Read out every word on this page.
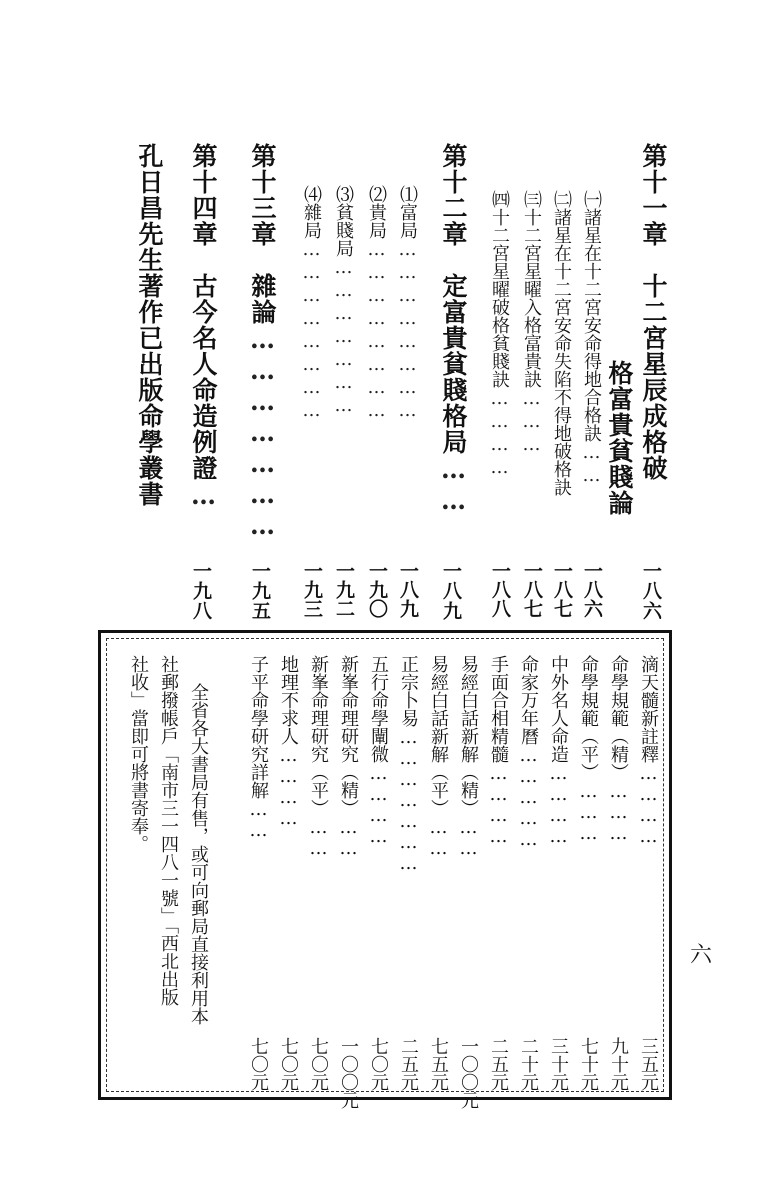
第十一章　十二宮星辰成格破
一八六
格富貴貧賤論
㈠諸星在十二宮安命得地合格訣……
一八六
㈡諸星在十二宮安命失陷不得地破格訣
一八七
㈢十二宮星曜入格富貴訣………
一八七
㈣十二宮星曜破格貧賤訣…………
一八八
第十二章　定富貴貧賤格局……
一八九
⑴富局……………………
一八九
⑵貴局……………………
一九〇
⑶貧賤局…………………
一九二
⑷雜局……………………
一九三
第十三章　雜論…………………
一九五
第十四章　古今名人命造例證…
一九八
孔日昌先生著作已出版命學叢書
滴天髓新註釋…………
三五元
命學規範（精）………
九十元
命學規範（平）………
七十元
中外名人命造…………
三十元
命家万年曆……………
二十元
手面合相精髓…………
二五元
易經白話新解（精）……
一〇〇元
易經白話新解（平）……
七五元
正宗卜易…………………
二五元
五行命學闡微…………
七〇元
新峯命理研究（精）……
一〇〇元
新峯命理研究（平）……
七〇元
地理不求人…………
七〇元
子平命學研究詳解……
七〇元
全省各大書局有售，或可向郵局直接利用本
社郵撥帳戶「南市三一四八一號」「西北出版
社收」當即可將書寄奉。
六
